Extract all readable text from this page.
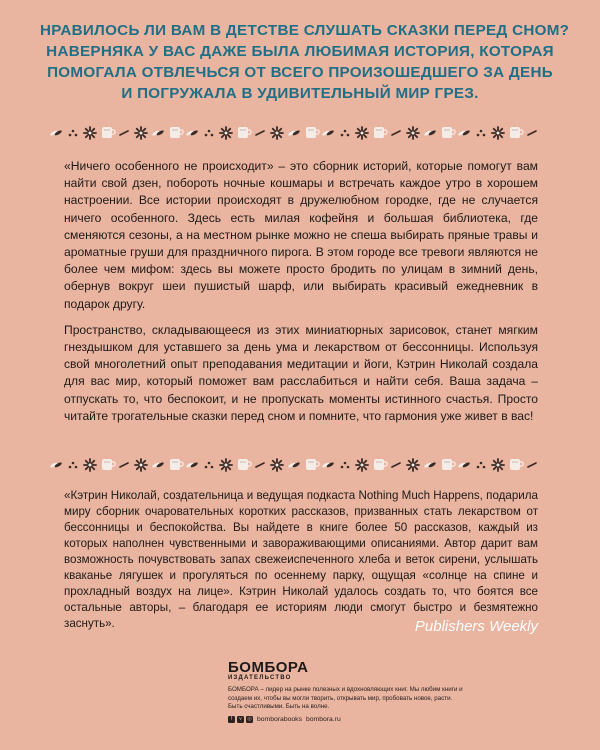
НРАВИЛОСЬ ЛИ ВАМ В ДЕТСТВЕ СЛУШАТЬ СКАЗКИ ПЕРЕД СНОМ?
НАВЕРНЯКА У ВАС ДАЖЕ БЫЛА ЛЮБИМАЯ ИСТОРИЯ, КОТОРАЯ
ПОМОГАЛА ОТВЛЕЧЬСЯ ОТ ВСЕГО ПРОИЗОШЕДШЕГО ЗА ДЕНЬ
И ПОГРУЖАЛА В УДИВИТЕЛЬНЫЙ МИР ГРЕЗ.

«Ничего особенного не происходит» – это сборник историй, которые помогут вам найти свой дзен, побороть ночные кошмары и встречать каждое утро в хорошем настроении. Все истории происходят в дружелюбном городке, где не случается ничего особенного. Здесь есть милая кофейня и большая библиотека, где сменяются сезоны, а на местном рынке можно не спеша выбирать пряные травы и ароматные груши для праздничного пирога. В этом городе все тревоги являются не более чем мифом: здесь вы можете просто бродить по улицам в зимний день, обернув вокруг шеи пушистый шарф, или выбирать красивый ежедневник в подарок другу.

Пространство, складывающееся из этих миниатюрных зарисовок, станет мягким гнездышком для уставшего за день ума и лекарством от бессонницы. Используя свой многолетний опыт преподавания медитации и йоги, Кэтрин Николай создала для вас мир, который поможет вам расслабиться и найти себя. Ваша задача – отпускать то, что беспокоит, и не пропускать моменты истинного счастья. Просто читайте трогательные сказки перед сном и помните, что гармония уже живет в вас!

«Кэтрин Николай, создательница и ведущая подкаста Nothing Much Happens, подарила миру сборник очаровательных коротких рассказов, призванных стать лекарством от бессонницы и беспокойства. Вы найдете в книге более 50 рассказов, каждый из которых наполнен чувственными и завораживающими описаниями. Автор дарит вам возможность почувствовать запах свежеиспеченного хлеба и веток сирени, услышать кваканье лягушек и прогуляться по осеннему парку, ощущая «солнце на спине и прохладный воздух на лице». Кэтрин Николай удалось создать то, что боятся все остальные авторы, – благодаря ее историям люди смогут быстро и безмятежно заснуть».	Publishers Weekly
БОМБОРА
ИЗДАТЕЛЬСТВО
БОМБОРА – лидер на рынке полезных и вдохновляющих книг. Мы любим книги и создаем их, чтобы вы могли творить, открывать мир, пробовать новое, расти. Быть счастливыми. Быть на волне.
f	v	◎ bomborabooks bombora.ru
